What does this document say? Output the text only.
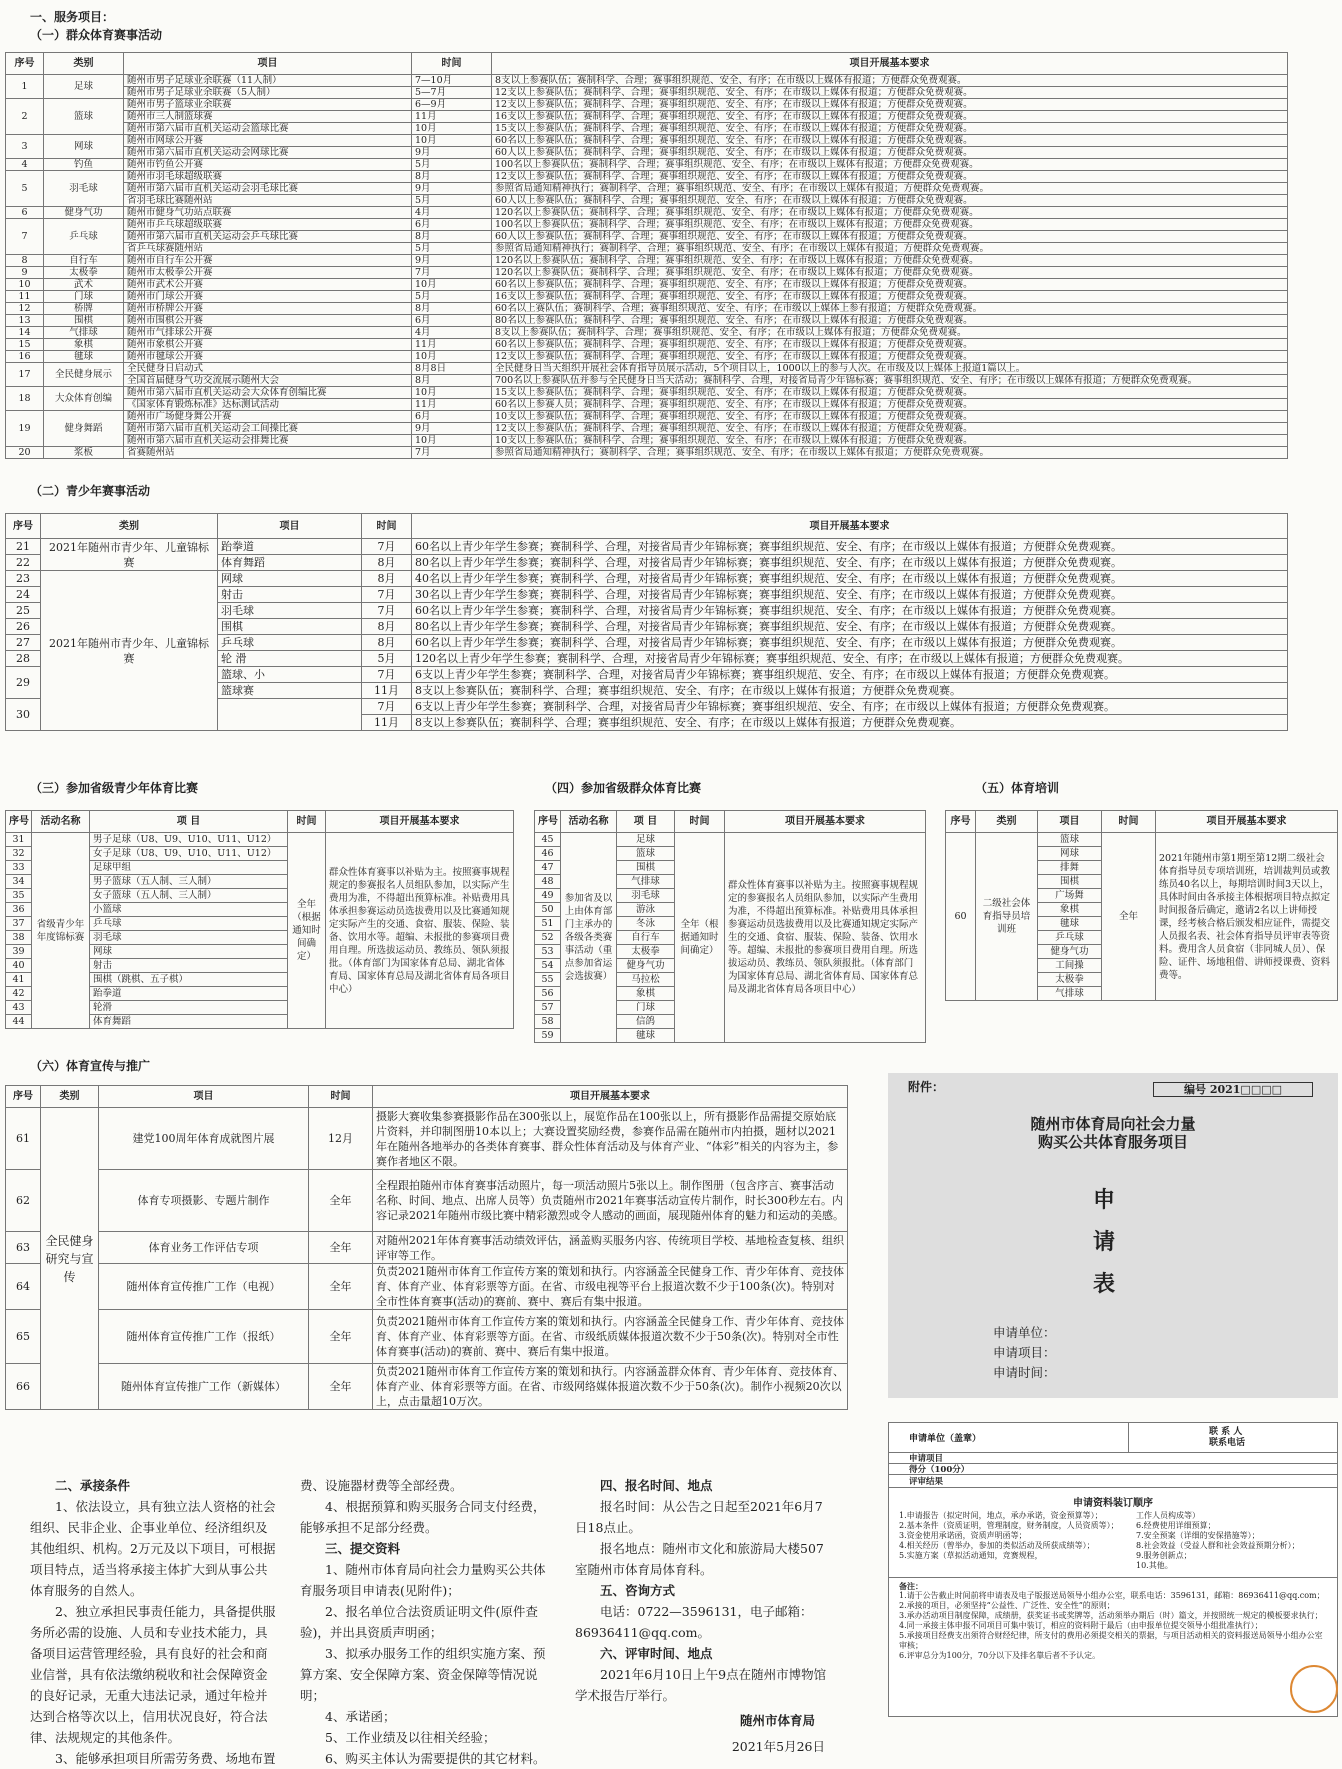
一、服务项目：
（一）群众体育赛事活动
序号	类别	项目	时间	项目开展基本要求
1	足球	随州市男子足球业余联赛（11人制）	7—10月	8支以上参赛队伍；赛制科学、合理；赛事组织规范、安全、有序；在市级以上媒体有报道；方便群众免费观赛。
		随州市男子足球业余联赛（5人制）	5—7月	12支以上参赛队伍；赛制科学、合理；赛事组织规范、安全、有序；在市级以上媒体有报道；方便群众免费观赛。
2	篮球	随州市男子篮球业余联赛	6—9月	12支以上参赛队伍；赛制科学、合理；赛事组织规范、安全、有序；在市级以上媒体有报道；方便群众免费观赛。
		随州市三人制篮球赛	11月	16支以上参赛队伍；赛制科学、合理；赛事组织规范、安全、有序；在市级以上媒体有报道；方便群众免费观赛。
		随州市第六届市直机关运动会篮球比赛	10月	15支以上参赛队伍；赛制科学、合理；赛事组织规范、安全、有序；在市级以上媒体有报道；方便群众免费观赛。
3	网球	随州市网球公开赛	10月	60名以上参赛队伍；赛制科学、合理；赛事组织规范、安全、有序；在市级以上媒体有报道；方便群众免费观赛。
		随州市第六届市直机关运动会网球比赛	9月	60人以上参赛队伍；赛制科学、合理；赛事组织规范、安全、有序；在市级以上媒体有报道；方便群众免费观赛。
4	钓鱼	随州市钓鱼公开赛	5月	100名以上参赛队伍；赛制科学、合理；赛事组织规范、安全、有序；在市级以上媒体有报道；方便群众免费观赛。
5	羽毛球	随州市羽毛球超级联赛	8月	12支以上参赛队伍；赛制科学、合理；赛事组织规范、安全、有序；在市级以上媒体有报道；方便群众免费观赛。
		随州市第六届市直机关运动会羽毛球比赛	9月	参照省局通知精神执行；赛制科学、合理；赛事组织规范、安全、有序；在市级以上媒体有报道；方便群众免费观赛。
		省羽毛球比赛随州站	5月	60人以上参赛队伍；赛制科学、合理；赛事组织规范、安全、有序；在市级以上媒体有报道；方便群众免费观赛。
6	健身气功	随州市健身气功站点联赛	4月	120名以上参赛队伍；赛制科学、合理；赛事组织规范、安全、有序；在市级以上媒体有报道；方便群众免费观赛。
7	乒乓球	随州市乒乓球超级联赛	6月	100名以上参赛队伍；赛制科学、合理；赛事组织规范、安全、有序；在市级以上媒体有报道；方便群众免费观赛。
		随州市第六届市直机关运动会乒乓球比赛	8月	60人以上参赛队伍；赛制科学、合理；赛事组织规范、安全、有序；在市级以上媒体有报道；方便群众免费观赛。
		省乒乓球赛随州站	5月	参照省局通知精神执行；赛制科学、合理；赛事组织规范、安全、有序；在市级以上媒体有报道；方便群众免费观赛。
8	自行车	随州市自行车公开赛	9月	120名以上参赛队伍；赛制科学、合理；赛事组织规范、安全、有序；在市级以上媒体有报道；方便群众免费观赛。
9	太极拳	随州市太极拳公开赛	7月	120名以上参赛队伍；赛制科学、合理；赛事组织规范、安全、有序；在市级以上媒体有报道；方便群众免费观赛。
10	武术	随州市武术公开赛	10月	60名以上参赛队伍；赛制科学、合理；赛事组织规范、安全、有序；在市级以上媒体有报道；方便群众免费观赛。
11	门球	随州市门球公开赛	5月	16支以上参赛队伍；赛制科学、合理；赛事组织规范、安全、有序；在市级以上媒体有报道；方便群众免费观赛。
12	桥牌	随州市桥牌公开赛	8月	60名以上赛队伍；赛制科学、合理；赛事组织规范、安全、有序；在市级以上媒体上参有报道；方便群众免费观赛。
13	围棋	随州市围棋公开赛	6月	80名以上参赛队伍；赛制科学、合理；赛事组织规范、安全、有序；在市级以上媒体有报道；方便群众免费观赛。
14	气排球	随州市气排球公开赛	4月	8支以上参赛队伍；赛制科学、合理；赛事组织规范、安全、有序；在市级以上媒体有报道；方便群众免费观赛。
15	象棋	随州市象棋公开赛	11月	60名以上参赛队伍；赛制科学、合理；赛事组织规范、安全、有序；在市级以上媒体有报道；方便群众免费观赛。
16	毽球	随州市毽球公开赛	10月	12支以上参赛队伍；赛制科学、合理；赛事组织规范、安全、有序；在市级以上媒体有报道；方便群众免费观赛。
17	全民健身展示	全民健身日启动式	8月8日	全民健身日当天组织开展社会体育指导员展示活动，5个项目以上，1000以上的参与人次。在市级及以上媒体上报道1篇以上。
		全国首届健身气功交流展示随州大会	8月	700名以上参赛队伍并参与全民健身日当天活动；赛制科学、合理，对接省局青少年锦标赛；赛事组织规范、安全、有序；在市级以上媒体有报道；方便群众免费观赛。
18	大众体育创编	随州市第六届市直机关运动会大众体育创编比赛	10月	15支以上参赛队伍；赛制科学、合理；赛事组织规范、安全、有序；在市级以上媒体有报道；方便群众免费观赛。
		《国家体育锻炼标准》达标测试活动	11月	60名以上参赛人员；赛制科学、合理；赛事组织规范、安全、有序；在市级以上媒体有报道；方便群众免费观赛。
19	健身舞蹈	随州市广场健身舞公开赛	6月	10支以上参赛队伍；赛制科学、合理；赛事组织规范、安全、有序；在市级以上媒体有报道；方便群众免费观赛。
		随州市第六届市直机关运动会工间操比赛	9月	12支以上参赛队伍；赛制科学、合理；赛事组织规范、安全、有序；在市级以上媒体有报道；方便群众免费观赛。
		随州市第六届市直机关运动会排舞比赛	10月	10支以上参赛队伍；赛制科学、合理；赛事组织规范、安全、有序；在市级以上媒体有报道；方便群众免费观赛。
20	浆板	省赛随州站	7月	参照省局通知精神执行；赛制科学、合理；赛事组织规范、安全、有序；在市级以上媒体有报道；方便群众免费观赛。
（二）青少年赛事活动
序号	类别	项目	时间	项目开展基本要求
21	2021年随州市青少年、儿童锦标赛	跆拳道	7月	60名以上青少年学生参赛；赛制科学、合理，对接省局青少年锦标赛；赛事组织规范、安全、有序；在市级以上媒体有报道；方便群众免费观赛。
22		体育舞蹈	8月	80名以上青少年学生参赛；赛制科学、合理，对接省局青少年锦标赛；赛事组织规范、安全、有序；在市级以上媒体有报道；方便群众免费观赛。
23	2021年随州市青少年、儿童锦标赛	网球	8月	40名以上青少年学生参赛；赛制科学、合理，对接省局青少年锦标赛；赛事组织规范、安全、有序；在市级以上媒体有报道；方便群众免费观赛。
24		射击	7月	30名以上青少年学生参赛；赛制科学、合理，对接省局青少年锦标赛；赛事组织规范、安全、有序；在市级以上媒体有报道；方便群众免费观赛。
25		羽毛球	7月	60名以上青少年学生参赛；赛制科学、合理，对接省局青少年锦标赛；赛事组织规范、安全、有序；在市级以上媒体有报道；方便群众免费观赛。
26		围棋	8月	80名以上青少年学生参赛；赛制科学、合理，对接省局青少年锦标赛；赛事组织规范、安全、有序；在市级以上媒体有报道；方便群众免费观赛。
27		乒乓球	8月	60名以上青少年学生参赛；赛制科学、合理，对接省局青少年锦标赛；赛事组织规范、安全、有序；在市级以上媒体有报道；方便群众免费观赛。
28		轮 滑	5月	120名以上青少年学生参赛；赛制科学、合理，对接省局青少年锦标赛；赛事组织规范、安全、有序；在市级以上媒体有报道；方便群众免费观赛。
29		篮球、小	7月	6支以上青少年学生参赛；赛制科学、合理，对接省局青少年锦标赛；赛事组织规范、安全、有序；在市级以上媒体有报道；方便群众免费观赛。
		篮球赛	11月	8支以上参赛队伍；赛制科学、合理；赛事组织规范、安全、有序；在市级以上媒体有报道；方便群众免费观赛。
30			7月	6支以上青少年学生参赛；赛制科学、合理，对接省局青少年锦标赛；赛事组织规范、安全、有序；在市级以上媒体有报道；方便群众免费观赛。
			11月	8支以上参赛队伍；赛制科学、合理；赛事组织规范、安全、有序；在市级以上媒体有报道；方便群众免费观赛。
（三）参加省级青少年体育比赛	（四）参加省级群众体育比赛	（五）体育培训
序号	活动名称	项 目	时间	项目开展基本要求
31	省级青少年年度锦标赛	男子足球（U8、U9、U10、U11、U12）	全年（根据通知时间确定）	群众性体育赛事以补贴为主。按照赛事规程规定的参赛报名人员组队参加，以实际产生费用为准，不得超出预算标准。补贴费用具体承担参赛运动员选拔费用以及比赛通知规定实际产生的交通、食宿、服装、保险、装备、饮用水等。超编、未报批的参赛项目费用自理。所选拔运动员、教练员、领队须报批。（体育部门为国家体育总局、湖北省体育局、国家体育总局及湖北省体育局各项目中心）
32		女子足球（U8、U9、U10、U11、U12）		
33		足球甲组		
34		男子篮球（五人制、三人制）		
35		女子篮球（五人制、三人制）		
36		小篮球		
37		乒乓球		
38		羽毛球		
39		网球		
40		射击		
41		围棋（跳棋、五子棋）		
42		跆拳道		
43		轮滑		
44		体育舞蹈		
序号	活动名称	项 目	时间	项目开展基本要求
45	参加省及以上由体育部门主承办的各级各类赛事活动（重点参加省运会选拔赛）	足球	全年（根据通知时间确定）	群众性体育赛事以补贴为主。按照赛事规程规定的参赛报名人员组队参加，以实际产生费用为准，不得超出预算标准。补贴费用具体承担参赛运动员选拔费用以及比赛通知规定实际产生的交通、食宿、服装、保险、装备、饮用水等。超编、未报批的参赛项目费用自理。所选拔运动员、教练员、领队须报批。（体育部门为国家体育总局、湖北省体育局、国家体育总局及湖北省体育局各项目中心）
46		篮球		
47		围棋		
48		气排球		
49		羽毛球		
50		游泳		
51		冬泳		
52		自行车		
53		太极拳		
54		健身气功		
55		马拉松		
56		象棋		
57		门球		
58		信鸽		
59		毽球		
序号	类别	项目	时间	项目开展基本要求
60	二级社会体育指导员培训班	篮球	全年	2021年随州市第1期至第12期二级社会体育指导员专项培训班，培训裁判员或教练员40名以上，每期培训时间3天以上，具体时间由各承接主体根据项目特点拟定时间报备后确定，邀请2名以上讲师授课，经考核合格后颁发相应证件，需提交人员报名表、社会体育指导员评审表等资料。费用含人员食宿（非同城人员）、保险、证件、场地租借、讲师授课费、资料费等。
		网球		
		排舞		
		围棋		
		广场舞		
		象棋		
		毽球		
		乒乓球		
		健身气功		
		工间操		
		太极拳		
		气排球		
（六）体育宣传与推广
序号	类别	项目	时间	项目开展基本要求
61	全民健身研究与宣传	建党100周年体育成就图片展	12月	摄影大赛收集参赛摄影作品在300张以上，展览作品在100张以上，所有摄影作品需提交原始底片资料，并印制图册10本以上；大赛设置奖励经费，参赛作品需在随州市内拍摄，题材以2021年在随州各地举办的各类体育赛事、群众性体育活动及与体育产业、“体彩”相关的内容为主，参赛作者地区不限。
62		体育专项摄影、专题片制作	全年	全程跟拍随州市体育赛事活动照片，每一项活动照片5张以上。制作图册（包含序言、赛事活动名称、时间、地点、出席人员等）负责随州市2021年赛事活动宣传片制作，时长300秒左右。内容记录2021年随州市级比赛中精彩激烈或令人感动的画面，展现随州体育的魅力和运动的美感。
63		体育业务工作评估专项	全年	对随州2021年体育赛事活动绩效评估，涵盖购买服务内容、传统项目学校、基地检查复核、组织评审等工作。
64		随州体育宣传推广工作（电视）	全年	负责2021随州市体育工作宣传方案的策划和执行。内容涵盖全民健身工作、青少年体育、竞技体育、体育产业、体育彩票等方面。在省、市级电视等平台上报道次数不少于100条(次)。特别对全市性体育赛事(活动)的赛前、赛中、赛后有集中报道。
65		随州体育宣传推广工作（报纸）	全年	负责2021随州市体育工作宣传方案的策划和执行。内容涵盖全民健身工作、青少年体育、竞技体育、体育产业、体育彩票等方面。在省、市级纸质媒体报道次数不少于50条(次)。特别对全市性体育赛事(活动)的赛前、赛中、赛后有集中报道。
66		随州体育宣传推广工作（新媒体）	全年	负责2021随州市体育工作宣传方案的策划和执行。内容涵盖群众体育、青少年体育、竞技体育、体育产业、体育彩票等方面。在省、市级网络媒体报道次数不少于50条(次)。制作小视频20次以上，点击量超10万次。
二、承接条件

1、依法设立，具有独立法人资格的社会组织、民非企业、企事业单位、经济组织及其他组织、机构。2万元及以下项目，可根据项目特点，适当将承接主体扩大到从事公共体育服务的自然人。

2、独立承担民事责任能力，具备提供服务所必需的设施、人员和专业技术能力，具备项目运营管理经验，具有良好的社会和商业信誉，具有依法缴纳税收和社会保障资金的良好记录，无重大违法记录，通过年检并达到合格等次以上，信用状况良好，符合法律、法规规定的其他条件。

3、能够承担项目所需劳务费、场地布置

费、设施器材费等全部经费。

4、根据预算和购买服务合同支付经费，能够承担不足部分经费。

三、提交资料

1、随州市体育局向社会力量购买公共体育服务项目申请表(见附件)；

2、报名单位合法资质证明文件(原件查验)，并出具资质声明函；

3、拟承办服务工作的组织实施方案、预算方案、安全保障方案、资金保障等情况说明；

4、承诺函；

5、工作业绩及以往相关经验；

6、购买主体认为需要提供的其它材料。

四、报名时间、地点

报名时间：从公告之日起至2021年6月7日18点止。

报名地点：随州市文化和旅游局大楼507室随州市体育局体育科。

五、咨询方式

电话：0722—3596131，电子邮箱：86936411@qq.com。

六、评审时间、地点

2021年6月10日上午9点在随州市博物馆学术报告厅举行。

随州市体育局
2021年5月26日
附件：	编号 2021□□□□
随州市体育局向社会力量
购买公共体育服务项目
申
请
表
申请单位：
申请项目：
申请时间：
申请单位（盖章）
联 系 人
联系电话
申请项目
得分（100分）
评审结果
申请资料装订顺序
1.申请报告（拟定时间，地点，承办承诺，资金预算等）；
2.基本条件（资质证明，管理制度，财务制度，人员资质等）；
3.资金使用承诺函，资质声明函等；
4.相关经历（曾举办，参加的类似活动及所获成绩等）；
5.实施方案（草拟活动通知，竞赛规程，
工作人员构成等）
6.经费使用详细预算；
7.安全预案（详细的安保措施等）；
8.社会效益（受益人群和社会效益预期分析）；
9.服务创新点；
10.其他。
备注：
1.请于公告截止时间前将申请表及电子版报送局领导小组办公室，联系电话：3596131，邮箱：86936411@qq.com；
2.承接的项目，必须坚持“公益性、广泛性、安全性”的原则；
3.承办活动项目制度保障，成绩册，获奖证书或奖牌等，活动须举办期后（时）篇文，并按照统一规定的模板要求执行；
4.同一承接主体申报不同项目可集中装订，相应的资料附于最后（由申报单位提交领导小组批准执行）；
5.承接项目经费支出须符合财经纪律，所支付的费用必须提交相关的票据，与项目活动相关的资料报送局领导小组办公室审核；
6.评审总分为100分，70分以下及排名靠后者不予认定。
